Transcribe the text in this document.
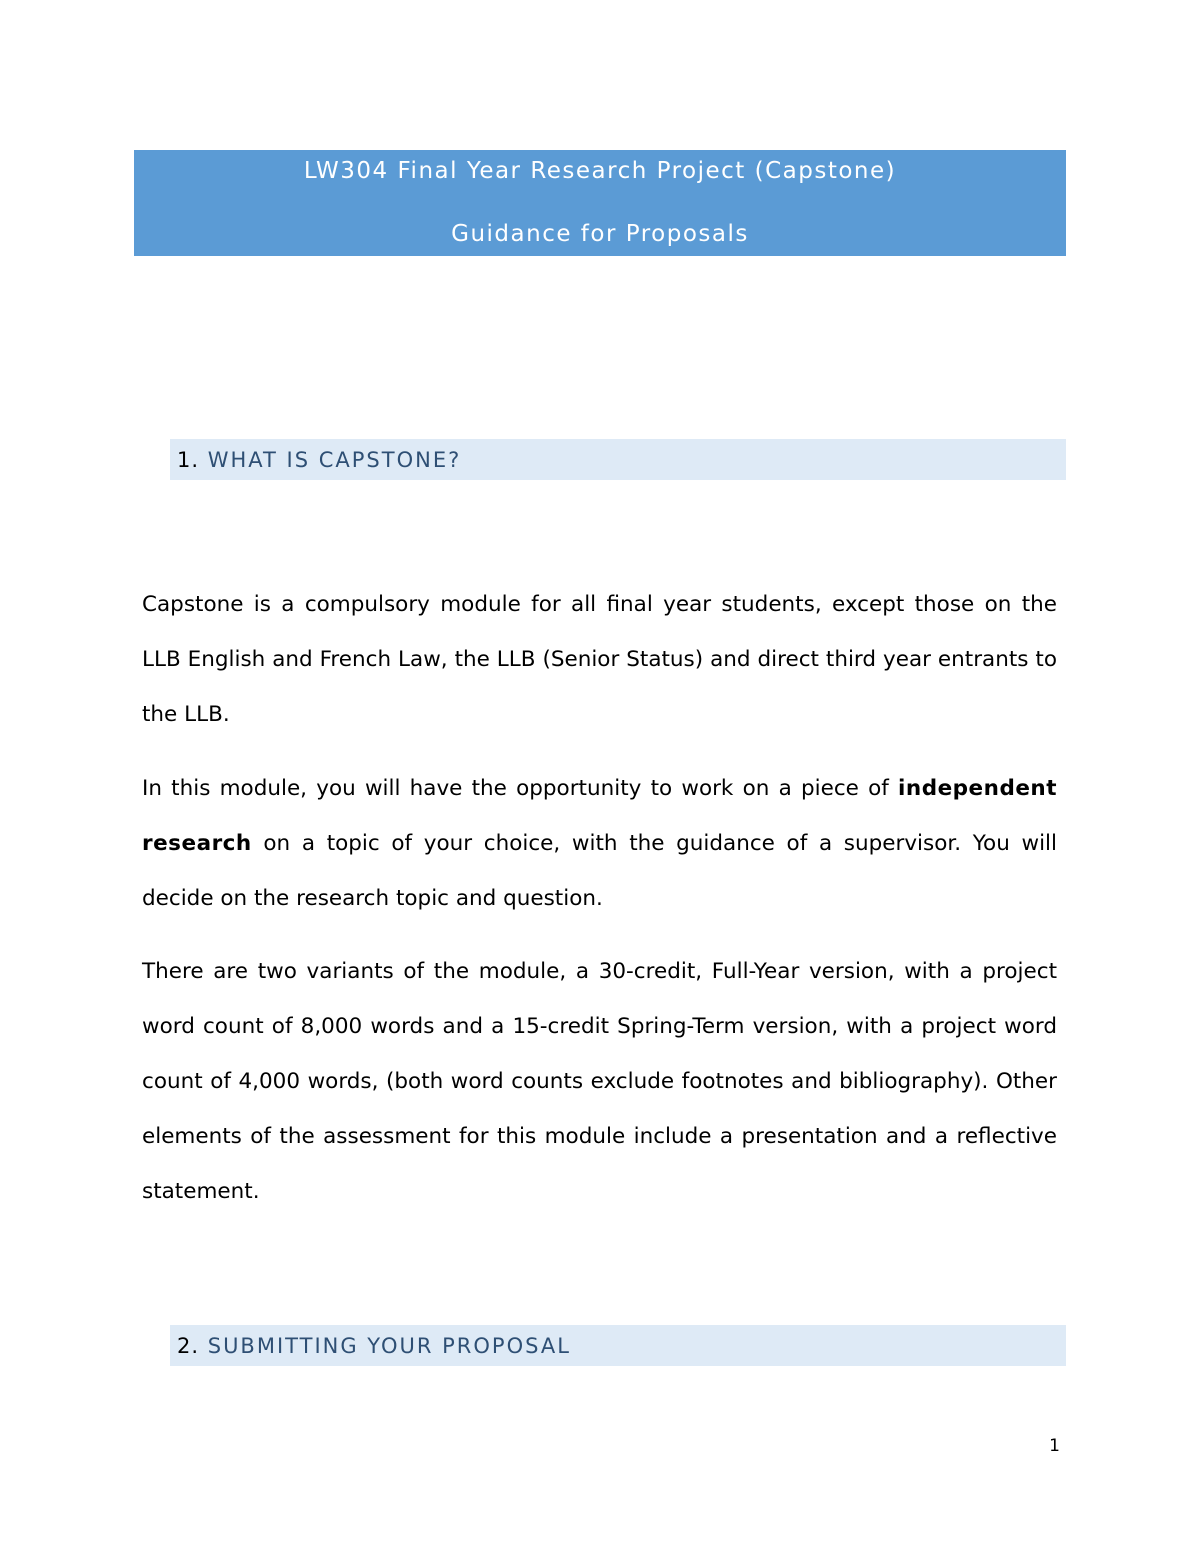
LW304 Final Year Research Project (Capstone)
Guidance for Proposals
1. WHAT IS CAPSTONE?

Capstone is a compulsory module for all final year students, except those on the LLB English and French Law, the LLB (Senior Status) and direct third year entrants to the LLB.

In this module, you will have the opportunity to work on a piece of independent research on a topic of your choice, with the guidance of a supervisor. You will decide on the research topic and question.

There are two variants of the module, a 30-credit, Full-Year version, with a project word count of 8,000 words and a 15-credit Spring-Term version, with a project word count of 4,000 words, (both word counts exclude footnotes and bibliography). Other elements of the assessment for this module include a presentation and a reflective statement.

2. SUBMITTING YOUR PROPOSAL
1
